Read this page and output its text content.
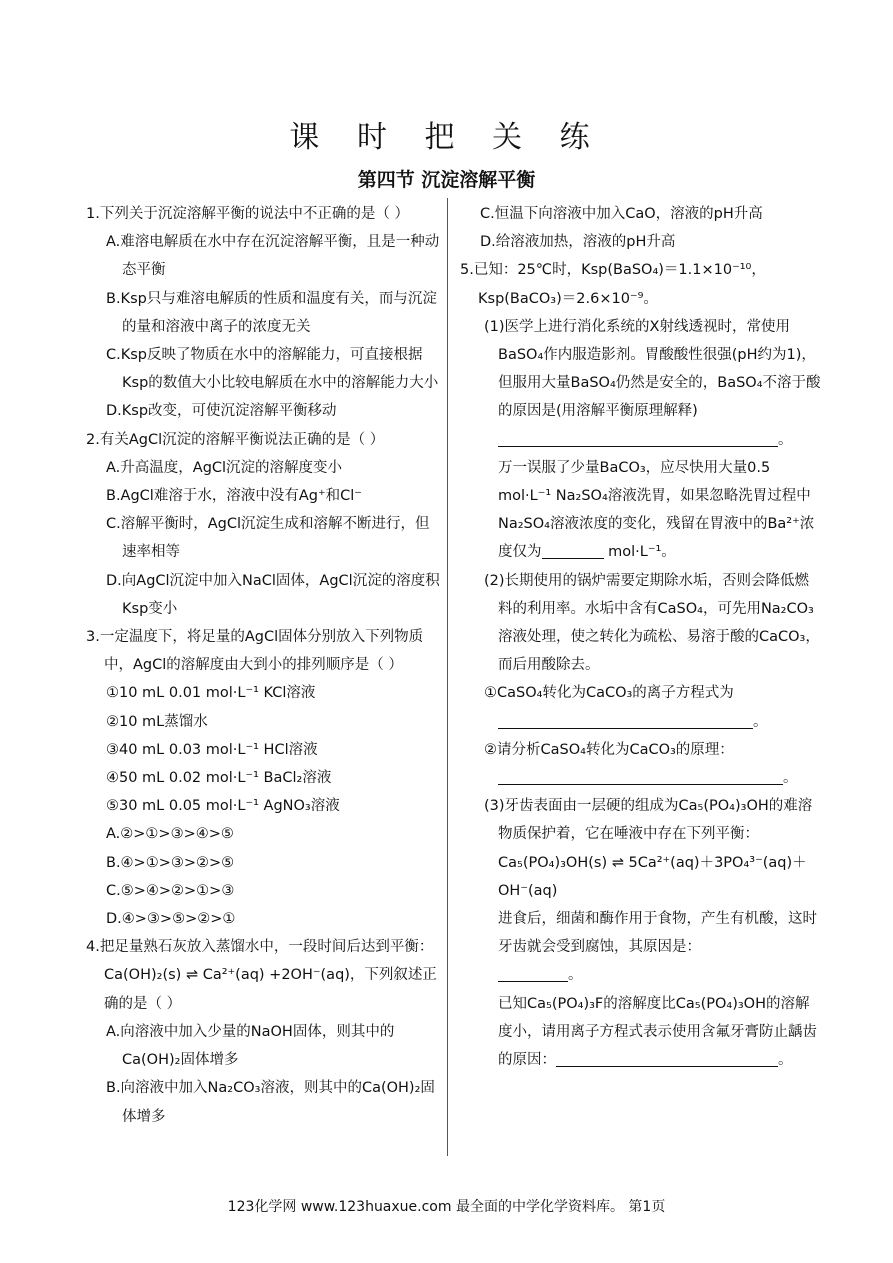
课 时 把 关 练
第四节 沉淀溶解平衡

1.下列关于沉淀溶解平衡的说法中不正确的是（ ）

A.难溶电解质在水中存在沉淀溶解平衡，且是一种动态平衡

B.Ksp只与难溶电解质的性质和温度有关，而与沉淀的量和溶液中离子的浓度无关

C.Ksp反映了物质在水中的溶解能力，可直接根据Ksp的数值大小比较电解质在水中的溶解能力大小

D.Ksp改变，可使沉淀溶解平衡移动

2.有关AgCl沉淀的溶解平衡说法正确的是（ ）

A.升高温度，AgCl沉淀的溶解度变小

B.AgCl难溶于水，溶液中没有Ag⁺和Cl⁻

C.溶解平衡时，AgCl沉淀生成和溶解不断进行，但速率相等

D.向AgCl沉淀中加入NaCl固体，AgCl沉淀的溶度积Ksp变小

3.一定温度下，将足量的AgCl固体分别放入下列物质中，AgCl的溶解度由大到小的排列顺序是（ ）

①10 mL 0.01 mol·L⁻¹ KCl溶液

②10 mL蒸馏水

③40 mL 0.03 mol·L⁻¹ HCl溶液

④50 mL 0.02 mol·L⁻¹ BaCl₂溶液

⑤30 mL 0.05 mol·L⁻¹ AgNO₃溶液

A.②>①>③>④>⑤

B.④>①>③>②>⑤

C.⑤>④>②>①>③

D.④>③>⑤>②>①

4.把足量熟石灰放入蒸馏水中，一段时间后达到平衡：Ca(OH)₂(s) ⇌ Ca²⁺(aq) +2OH⁻(aq)，下列叙述正确的是（ ）

A.向溶液中加入少量的NaOH固体，则其中的Ca(OH)₂固体增多

B.向溶液中加入Na₂CO₃溶液，则其中的Ca(OH)₂固体增多

C.恒温下向溶液中加入CaO，溶液的pH升高

D.给溶液加热，溶液的pH升高

5.已知：25℃时，Ksp(BaSO₄)＝1.1×10⁻¹⁰，Ksp(BaCO₃)＝2.6×10⁻⁹。

(1)医学上进行消化系统的X射线透视时，常使用BaSO₄作内服造影剂。胃酸酸性很强(pH约为1)，但服用大量BaSO₄仍然是安全的，BaSO₄不溶于酸的原因是(用溶解平衡原理解释)。

万一误服了少量BaCO₃，应尽快用大量0.5 mol·L⁻¹ Na₂SO₄溶液洗胃，如果忽略洗胃过程中Na₂SO₄溶液浓度的变化，残留在胃液中的Ba²⁺浓度仅为	mol·L⁻¹。

(2)长期使用的锅炉需要定期除水垢，否则会降低燃料的利用率。水垢中含有CaSO₄，可先用Na₂CO₃溶液处理，使之转化为疏松、易溶于酸的CaCO₃，而后用酸除去。

①CaSO₄转化为CaCO₃的离子方程式为

。

②请分析CaSO₄转化为CaCO₃的原理：

。

(3)牙齿表面由一层硬的组成为Ca₅(PO₄)₃OH的难溶物质保护着，它在唾液中存在下列平衡：

Ca₅(PO₄)₃OH(s) ⇌ 5Ca²⁺(aq)＋3PO₄³⁻(aq)＋OH⁻(aq)

进食后，细菌和酶作用于食物，产生有机酸，这时牙齿就会受到腐蚀，其原因是：

。

已知Ca₅(PO₄)₃F的溶解度比Ca₅(PO₄)₃OH的溶解度小，请用离子方程式表示使用含氟牙膏防止龋齿的原因：	。

123化学网 www.123huaxue.com 最全面的中学化学资料库。 第1页
